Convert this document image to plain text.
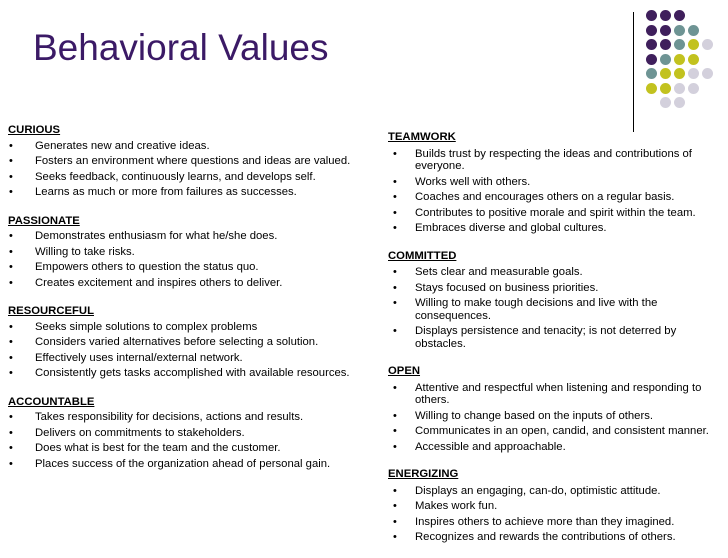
Behavioral Values

CURIOUS

• Generates new and creative ideas.
• Fosters an environment where questions and ideas are valued.
• Seeks feedback, continuously learns, and develops self.
• Learns as much or more from failures as successes.

PASSIONATE

• Demonstrates enthusiasm for what he/she does.
• Willing to take risks.
• Empowers others to question the status quo.
• Creates excitement and inspires others to deliver.

RESOURCEFUL

• Seeks simple solutions to complex problems
• Considers varied alternatives before selecting a solution.
• Effectively uses internal/external network.
• Consistently gets tasks accomplished with available resources.

ACCOUNTABLE

• Takes responsibility for decisions, actions and results.
• Delivers on commitments to stakeholders.
• Does what is best for the team and the customer.
• Places success of the organization ahead of personal gain.

TEAMWORK

• Builds trust by respecting the ideas and contributions of everyone.
• Works well with others.
• Coaches and encourages others on a regular basis.
• Contributes to positive morale and spirit within the team.
• Embraces diverse and global cultures.

COMMITTED

• Sets clear and measurable goals.
• Stays focused on business priorities.
• Willing to make tough decisions and live with the consequences.
• Displays persistence and tenacity; is not deterred by obstacles.

OPEN

• Attentive and respectful when listening and responding to others.
• Willing to change based on the inputs of others.
• Communicates in an open, candid, and consistent manner.
• Accessible and approachable.

ENERGIZING

• Displays an engaging, can-do, optimistic attitude.
• Makes work fun.
• Inspires others to achieve more than they imagined.
• Recognizes and rewards the contributions of others.
